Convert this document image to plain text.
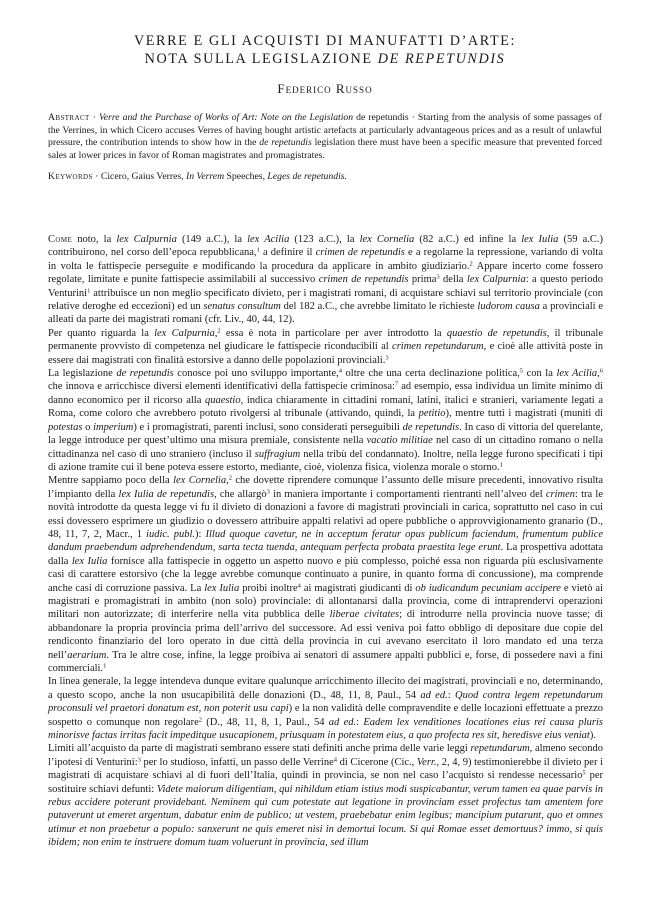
VERRE E GLI ACQUISTI DI MANUFATTI D’ARTE:
NOTA SULLA LEGISLAZIONE DE REPETUNDIS
Federico Russo
Abstract · Verre and the Purchase of Works of Art: Note on the Legislation de repetundis · Starting from the analysis of some passages of the Verrines, in which Cicero accuses Verres of having bought artistic artefacts at particularly advantageous prices and as a result of unlawful pressure, the contribution intends to show how in the de repetundis legislation there must have been a specific measure that prevented forced sales at lower prices in favor of Roman magistrates and promagistrates.
Keywords · Cicero, Gaius Verres, In Verrem Speeches, Leges de repetundis.

Come noto, la lex Calpurnia (149 a.C.), la lex Acilia (123 a.C.), la lex Cornelia (82 a.C.) ed infine la lex Iulia (59 a.C.) contribuirono, nel corso dell’epoca repubblicana,$^1$ a definire il crimen de repetundis e a regolarne la repressione, variando di volta in volta le fattispecie perseguite e modificando la procedura da applicare in ambito giudiziario.$^2$ Appare incerto come fossero regolate, limitate e punite fattispecie assimilabili al successivo crimen de repetundis prima$^3$ della lex Calpurnia: a questo periodo Venturini$^1$ attribuisce un non meglio specificato divieto, per i magistrati romani, di acquistare schiavi sul territorio provinciale (con relative deroghe ed eccezioni) ed un senatus consultum del 182 a.C., che avrebbe limitato le richieste ludorom causa a provinciali e alleati da parte dei magistrati romani (cfr. Liv., 40, 44, 12).

Per quanto riguarda la lex Calpurnia,$^2$ essa è nota in particolare per aver introdotto la quaestio de repetundis, il tribunale permanente provvisto di competenza nel giudicare le fattispecie riconducibili al crimen repetundarum, e cioè alle attività poste in essere dai magistrati con finalità estorsive a danno delle popolazioni provinciali.$^3$

La legislazione de repetundis conosce poi uno sviluppo importante,$^4$ oltre che una certa declinazione politica,$^5$ con la lex Acilia,$^6$ che innova e arricchisce diversi elementi identificativi della fattispecie criminosa:$^7$ ad esempio, essa individua un limite minimo di danno economico per il ricorso alla quaestio, indica chiaramente in cittadini romani, latini, italici e stranieri, variamente legati a Roma, come coloro che avrebbero potuto rivolgersi al tribunale (attivando, quindi, la petitio), mentre tutti i magistrati (muniti di potestas o imperium) e i promagistrati, parenti inclusi, sono considerati perseguibili de repetundis. In caso di vittoria del querelante, la legge introduce per quest’ultimo una misura premiale, consistente nella vacatio militiae nel caso di un cittadino romano o nella cittadinanza nel caso di uno straniero (incluso il suffragium nella tribù del condannato). Inoltre, nella legge furono specificati i tipi di azione tramite cui il bene poteva essere estorto, mediante, cioè, violenza fisica, violenza morale o storno.$^1$

Mentre sappiamo poco della lex Cornelia,$^2$ che dovette riprendere comunque l’assunto delle misure precedenti, innovativo risulta l’impianto della lex Iulia de repetundis, che allargò$^3$ in maniera importante i comportamenti rientranti nell’alveo del crimen: tra le novità introdotte da questa legge vi fu il divieto di donazioni a favore di magistrati provinciali in carica, soprattutto nel caso in cui essi dovessero esprimere un giudizio o dovessero attribuire appalti relativi ad opere pubbliche o approvvigionamento granario (D., 48, 11, 7, 2, Macr., 1 iudic. publ.): Illud quoque cavetur, ne in acceptum feratur opus publicum faciendum, frumentum publice dandum praebendum adprehendendum, sarta tecta tuenda, antequam perfecta probata praestita lege erunt. La prospettiva adottata dalla lex Iulia fornisce alla fattispecie in oggetto un aspetto nuovo e più complesso, poiché essa non riguarda più esclusivamente casi di carattere estorsivo (che la legge avrebbe comunque continuato a punire, in quanto forma di concussione), ma comprende anche casi di corruzione passiva. La lex Iulia proibì inoltre$^4$ ai magistrati giudicanti di ob iudicandum pecuniam accipere e vietò ai magistrati e promagistrati in ambito (non solo) provinciale: di allontanarsi dalla provincia, come di intraprendervi operazioni militari non autorizzate; di interferire nella vita pubblica delle liberae civitates; di introdurre nella provincia nuove tasse; di abbandonare la propria provincia prima dell’arrivo del successore. Ad essi veniva poi fatto obbligo di depositare due copie del rendiconto finanziario del loro operato in due città della provincia in cui avevano esercitato il loro mandato ed una terza nell’aerarium. Tra le altre cose, infine, la legge proibiva ai senatori di assumere appalti pubblici e, forse, di possedere navi a fini commerciali.$^1$

In linea generale, la legge intendeva dunque evitare qualunque arricchimento illecito dei magistrati, provinciali e no, determinando, a questo scopo, anche la non usucapibilità delle donazioni (D., 48, 11, 8, Paul., 54 ad ed.: Quod contra legem repetundarum proconsuli vel praetori donatum est, non poterit usu capi) e la non validità delle compravendite e delle locazioni effettuate a prezzo sospetto o comunque non regolare$^2$ (D., 48, 11, 8, 1, Paul., 54 ad ed.: Eadem lex venditiones locationes eius rei causa pluris minorisve factas irritas facit impeditque usucapionem, priusquam in potestatem eius, a quo profecta res sit, heredisve eius veniat).

Limiti all’acquisto da parte di magistrati sembrano essere stati definiti anche prima delle varie leggi repetundarum, almeno secondo l’ipotesi di Venturini:$^3$ per lo studioso, infatti, un passo delle Verrine$^4$ di Cicerone (Cic., Verr., 2, 4, 9) testimonierebbe il divieto per i magistrati di acquistare schiavi al di fuori dell’Italia, quindi in provincia, se non nel caso l’acquisto si rendesse necessario$^5$ per sostituire schiavi defunti: Videte maiorum diligentiam, qui nihildum etiam istius modi suspicabantur, verum tamen ea quae parvis in rebus accidere poterant providebant. Neminem qui cum potestate aut legatione in provinciam esset profectus tam amentem fore putaverunt ut emeret argentum, dabatur enim de publico; ut vestem, praebebatur enim legibus; mancipium putarunt, quo et omnes utimur et non praebetur a populo: sanxerunt ne quis emeret nisi in demortui locum. Si qui Romae esset demortuus? immo, si quis ibidem; non enim te instruere domum tuam voluerunt in provincia, sed illum
